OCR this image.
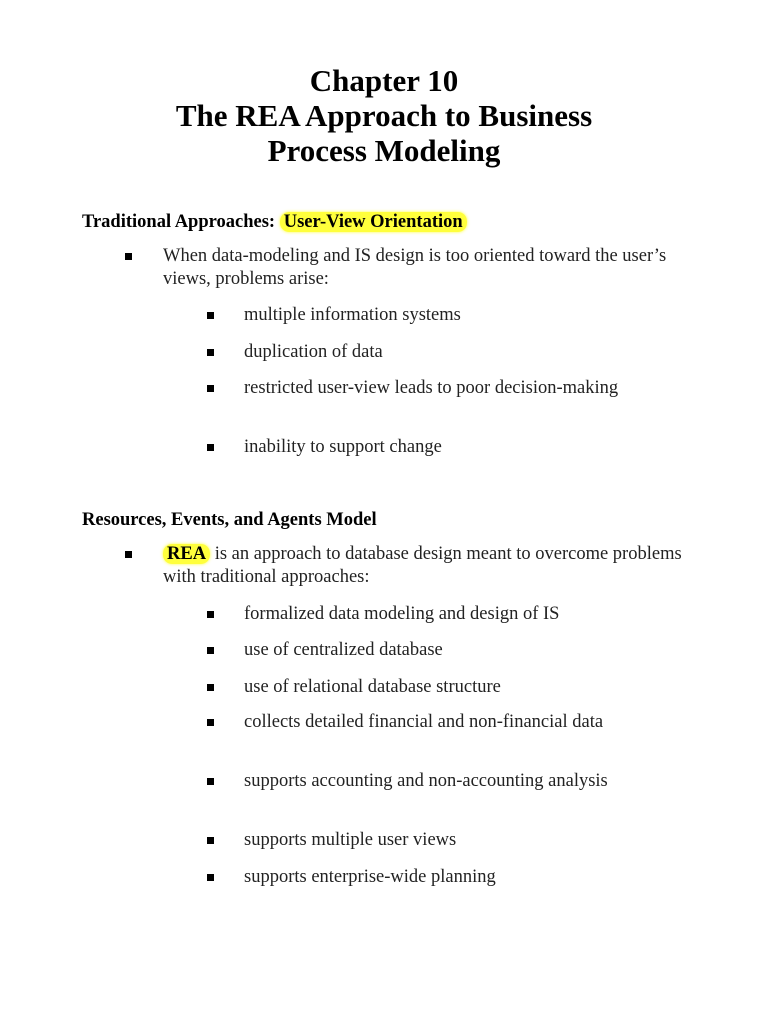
Chapter 10
The REA Approach to Business
Process Modeling
Traditional Approaches: User-View Orientation

When data-modeling and IS design is too oriented toward the user’s views, problems arise:

multiple information systems

duplication of data

restricted user-view leads to poor decision-making

inability to support change

Resources, Events, and Agents Model

REA is an approach to database design meant to overcome problems with traditional approaches:

formalized data modeling and design of IS

use of centralized database

use of relational database structure

collects detailed financial and non-financial data

supports accounting and non-accounting analysis

supports multiple user views

supports enterprise-wide planning
